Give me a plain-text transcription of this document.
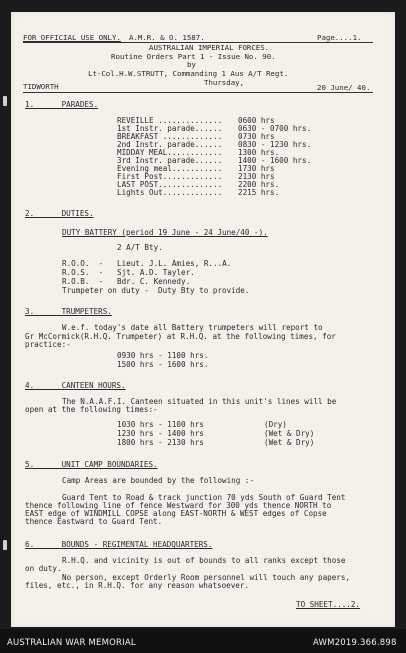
FOR OFFICIAL USE ONLY. A.M.R. & O. 1587.	Page....1.
AUSTRALIAN IMPERIAL FORCES.
Routine Orders Part 1 - Issue No. 90.
by
Lt-Col.H.W.STRUTT, Commanding 1 Aus A/T Regt.
TIDWORTH	Thursday,
20 June/ 40.
1.      PARADES.
REVEILLE .............. 0600 hrs
1st Instr. parade...... 0630 - 0700 hrs.
BREAKFAST ............. 0730 hrs
2nd Instr. parade...... 0830 - 1230 hrs.
MIDDAY MEAL............ 1300 hrs.
3rd Instr. parade...... 1400 - 1600 hrs.
Evening meal........... 1730 hrs
First Post............. 2130 hrs
LAST POST.............. 2200 hrs.
Lights Out............. 2215 hrs.
2.      DUTIES.
DUTY BATTERY (period 19 June - 24 June/40 -).
2 A/T Bty.
R.O.O.  - Lieut. J.L. Amies, R...A.
R.O.S.  - Sjt. A.D. Tayler.
R.O.B.  - Bdr. C. Kennedy.
Trumpeter on duty -  Duty Bty to provide.
3.      TRUMPETERS.
W.e.f. today's date all Battery trumpeters will report to
Gr McCormick(R.H.Q. Trumpeter) at R.H.Q. at the following times, for
practice:-
0930 hrs - 1100 hrs.
1500 hrs - 1600 hrs.
4.      CANTEEN HOURS.
The N.A.A.F.I. Canteen situated in this unit's lines will be
open at the following times:-
1030 hrs - 1100 hrs	(Dry)
1230 hrs - 1400 hrs	(Wet & Dry)
1800 hrs - 2130 hrs	(Wet & Dry)
5.      UNIT CAMP BOUNDARIES.
Camp Areas are bounded by the following :-
Guard Tent to Road & track junction 70 yds South of Guard Tent
thence following line of fence Westward for 300 yds thence NORTH to
EAST edge of WINDMILL COPSE along EAST-NORTH & WEST edges of Copse
thence Eastward to Guard Tent.
6.      BOUNDS - REGIMENTAL HEADQUARTERS.
R.H.Q. and vicinity is out of bounds to all ranks except those
on duty.
No person, except Orderly Room personnel will touch any papers,
files, etc., in R.H.Q. for any reason whatsoever.
TO SHEET....2.
AUSTRALIAN WAR MEMORIAL	AWM2019.366.898
